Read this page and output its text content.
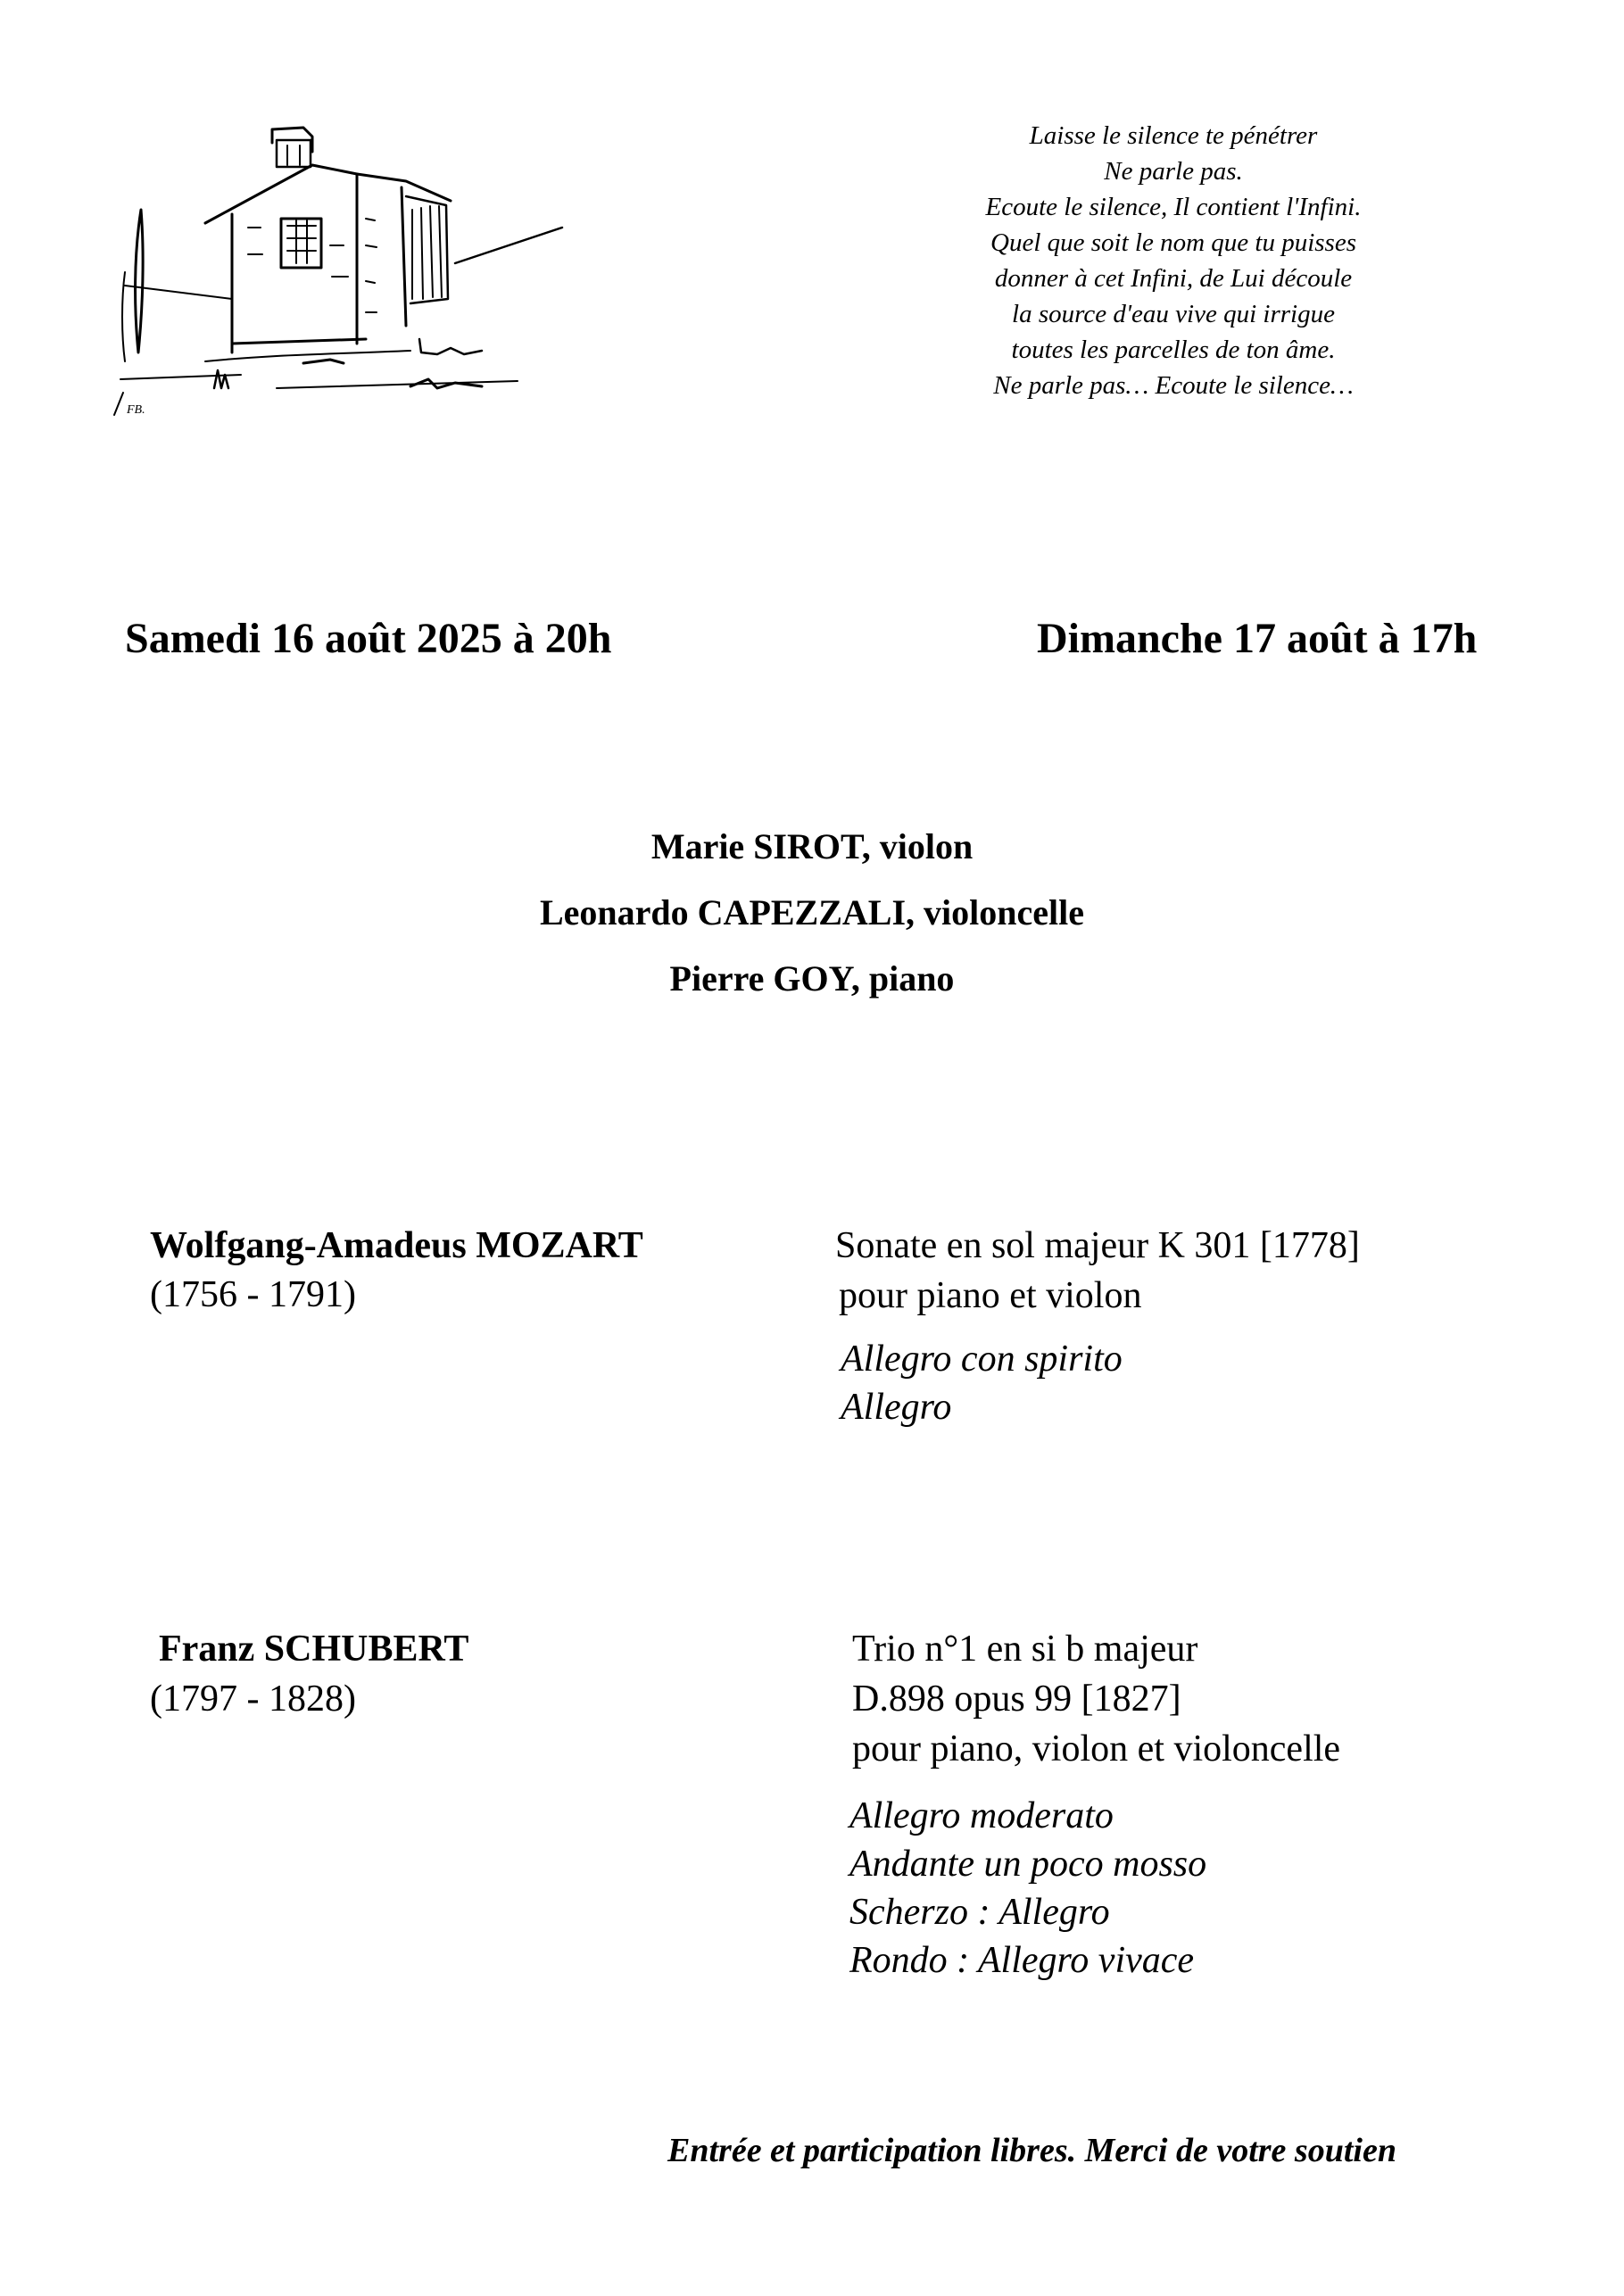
FB.
Laisse le silence te pénétrer
Ne parle pas.
Ecoute le silence, Il contient l'Infini.
Quel que soit le nom que tu puisses
donner à cet Infini, de Lui découle
la source d'eau vive qui irrigue
toutes les parcelles de ton âme.
Ne parle pas… Ecoute le silence…
Samedi 16 août 2025 à 20h	Dimanche 17 août à 17h
Marie SIROT, violon
Leonardo CAPEZZALI, violoncelle
Pierre GOY, piano
Wolfgang-Amadeus MOZART
(1756 - 1791)
Sonate en sol majeur K 301 [1778]
pour piano et violon
Allegro con spirito
Allegro
Franz SCHUBERT
(1797 - 1828)
Trio n°1 en si b majeur
D.898 opus 99 [1827]
pour piano, violon et violoncelle
Allegro moderato
Andante un poco mosso
Scherzo : Allegro
Rondo : Allegro vivace
Entrée et participation libres. Merci de votre soutien
